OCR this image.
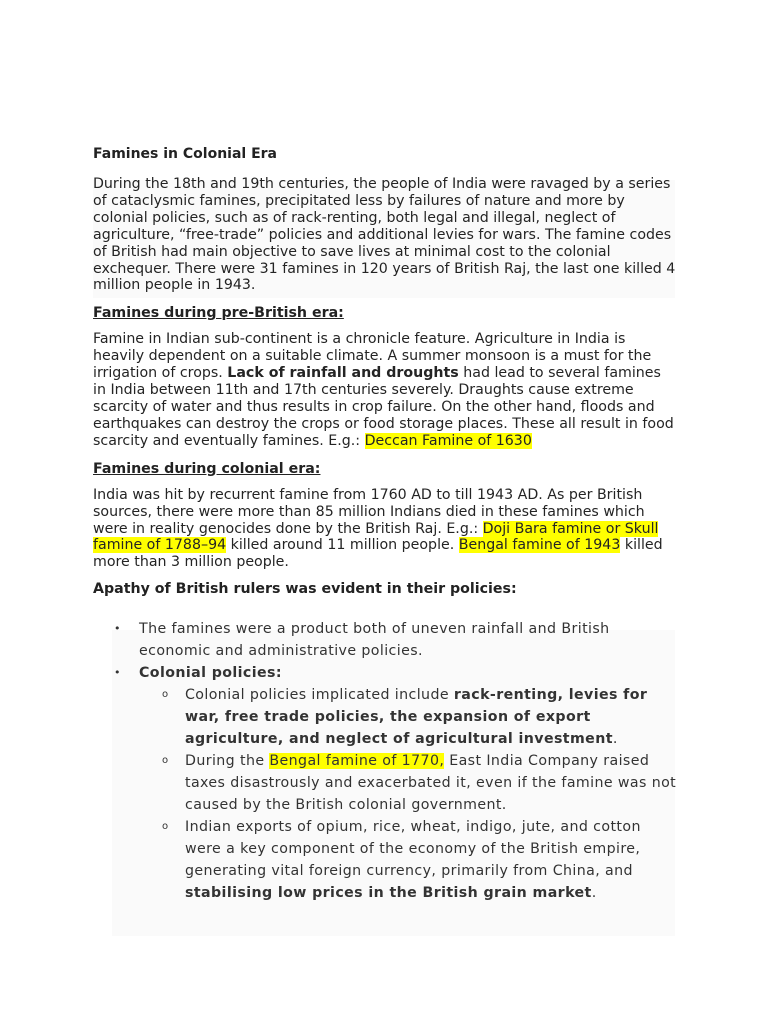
Famines in Colonial Era

During the 18th and 19th centuries, the people of India were ravaged by a series of cataclysmic famines, precipitated less by failures of nature and more by colonial policies, such as of rack-renting, both legal and illegal, neglect of agriculture, “free-trade” policies and additional levies for wars. The famine codes of British had main objective to save lives at minimal cost to the colonial exchequer. There were 31 famines in 120 years of British Raj, the last one killed 4 million people in 1943.

Famines during pre-British era:

Famine in Indian sub-continent is a chronicle feature. Agriculture in India is heavily dependent on a suitable climate. A summer monsoon is a must for the irrigation of crops. Lack of rainfall and droughts had lead to several famines in India between 11th and 17th centuries severely. Draughts cause extreme scarcity of water and thus results in crop failure. On the other hand, floods and earthquakes can destroy the crops or food storage places. These all result in food scarcity and eventually famines. E.g.: Deccan Famine of 1630

Famines during colonial era:

India was hit by recurrent famine from 1760 AD to till 1943 AD. As per British sources, there were more than 85 million Indians died in these famines which were in reality genocides done by the British Raj. E.g.: Doji Bara famine or Skull famine of 1788–94 killed around 11 million people. Bengal famine of 1943 killed more than 3 million people.

Apathy of British rulers was evident in their policies:
• The famines were a product both of uneven rainfall and British economic and administrative policies.
• Colonial policies:
o Colonial policies implicated include rack-renting, levies for war, free trade policies, the expansion of export agriculture, and neglect of agricultural investment.
o During the Bengal famine of 1770, East India Company raised taxes disastrously and exacerbated it, even if the famine was not caused by the British colonial government.
o Indian exports of opium, rice, wheat, indigo, jute, and cotton were a key component of the economy of the British empire, generating vital foreign currency, primarily from China, and stabilising low prices in the British grain market.
